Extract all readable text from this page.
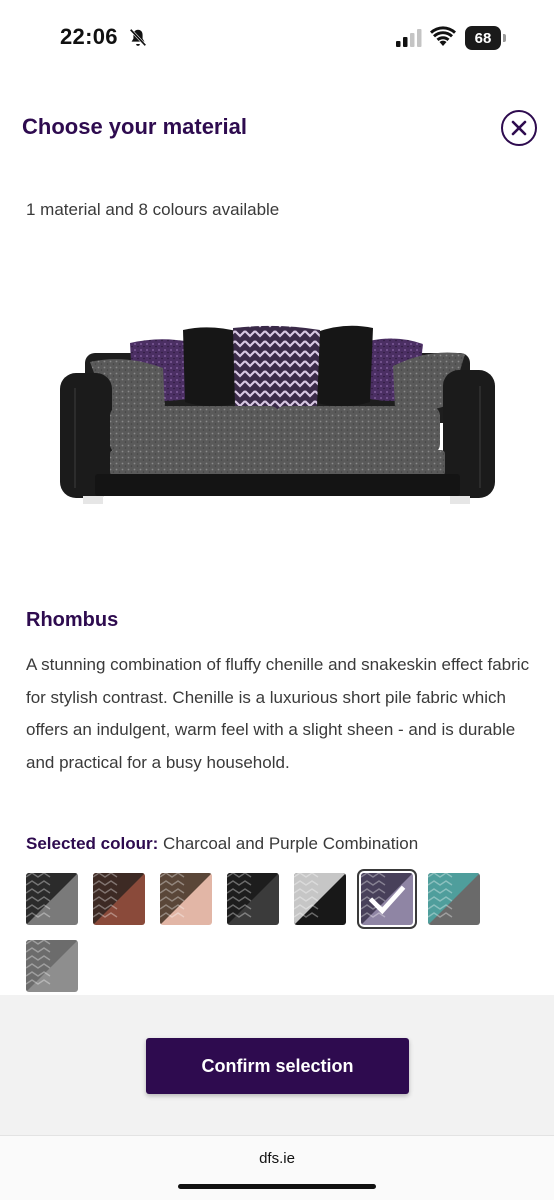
22:06	68
Choose your material
1 material and 8 colours available
Rhombus
A stunning combination of fluffy chenille and snakeskin effect fabric for stylish contrast. Chenille is a luxurious short pile fabric which offers an indulgent, warm feel with a slight sheen - and is durable and practical for a busy household.
Selected colour: Charcoal and Purple Combination
Confirm selection
dfs.ie
